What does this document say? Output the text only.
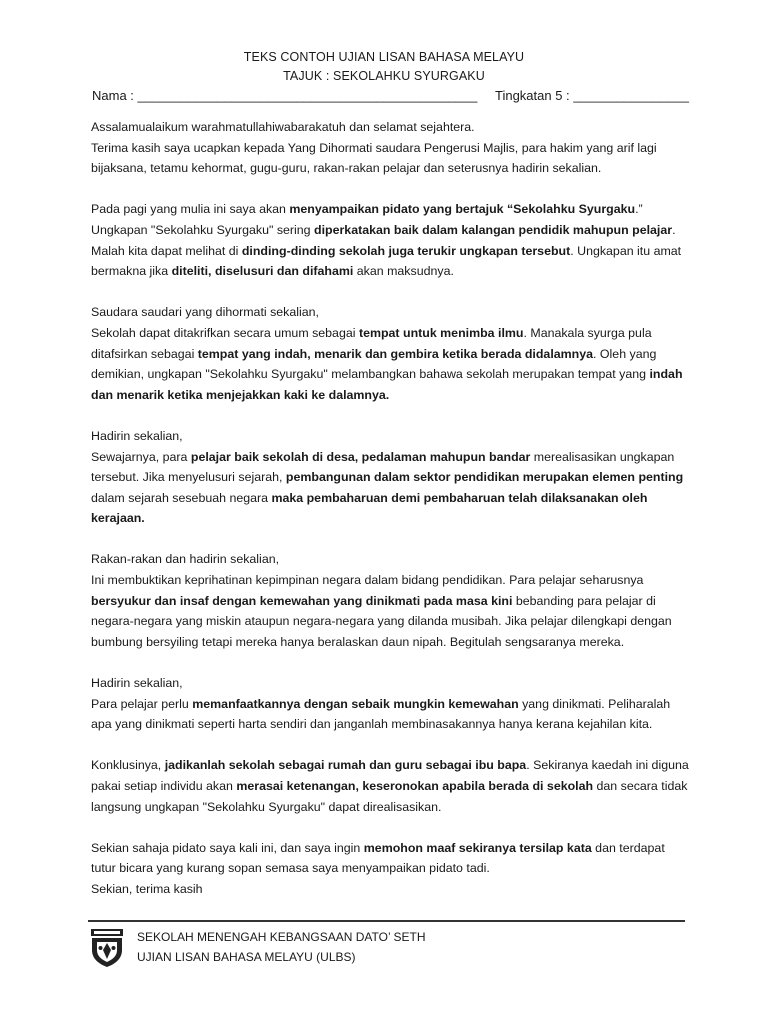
TEKS CONTOH UJIAN LISAN BAHASA MELAYU
TAJUK : SEKOLAHKU SYURGAKU
Nama : _______________________________________________ Tingkatan 5 : ________________

Assalamualaikum warahmatullahiwabarakatuh dan selamat sejahtera.
Terima kasih saya ucapkan kepada Yang Dihormati saudara Pengerusi Majlis, para hakim yang arif lagi bijaksana, tetamu kehormat, gugu-guru, rakan-rakan pelajar dan seterusnya hadirin sekalian.

Pada pagi yang mulia ini saya akan menyampaikan pidato yang bertajuk “Sekolahku Syurgaku.”
Ungkapan "Sekolahku Syurgaku" sering diperkatakan baik dalam kalangan pendidik mahupun pelajar.
Malah kita dapat melihat di dinding-dinding sekolah juga terukir ungkapan tersebut. Ungkapan itu amat bermakna jika diteliti, diselusuri dan difahami akan maksudnya.

Saudara saudari yang dihormati sekalian,
Sekolah dapat ditakrifkan secara umum sebagai tempat untuk menimba ilmu. Manakala syurga pula ditafsirkan sebagai tempat yang indah, menarik dan gembira ketika berada didalamnya. Oleh yang demikian, ungkapan "Sekolahku Syurgaku" melambangkan bahawa sekolah merupakan tempat yang indah dan menarik ketika menjejakkan kaki ke dalamnya.

Hadirin sekalian,
Sewajarnya, para pelajar baik sekolah di desa, pedalaman mahupun bandar merealisasikan ungkapan tersebut. Jika menyelusuri sejarah, pembangunan dalam sektor pendidikan merupakan elemen penting dalam sejarah sesebuah negara maka pembaharuan demi pembaharuan telah dilaksanakan oleh kerajaan.

Rakan-rakan dan hadirin sekalian,
Ini membuktikan keprihatinan kepimpinan negara dalam bidang pendidikan. Para pelajar seharusnya bersyukur dan insaf dengan kemewahan yang dinikmati pada masa kini bebanding para pelajar di negara-negara yang miskin ataupun negara-negara yang dilanda musibah. Jika pelajar dilengkapi dengan bumbung bersyiling tetapi mereka hanya beralaskan daun nipah. Begitulah sengsaranya mereka.

Hadirin sekalian,
Para pelajar perlu memanfaatkannya dengan sebaik mungkin kemewahan yang dinikmati. Peliharalah apa yang dinikmati seperti harta sendiri dan janganlah membinasakannya hanya kerana kejahilan kita.

Konklusinya, jadikanlah sekolah sebagai rumah dan guru sebagai ibu bapa. Sekiranya kaedah ini diguna pakai setiap individu akan merasai ketenangan, keseronokan apabila berada di sekolah dan secara tidak langsung ungkapan "Sekolahku Syurgaku" dapat direalisasikan.

Sekian sahaja pidato saya kali ini, dan saya ingin memohon maaf sekiranya tersilap kata dan terdapat tutur bicara yang kurang sopan semasa saya menyampaikan pidato tadi.
Sekian, terima kasih

SEKOLAH MENENGAH KEBANGSAAN DATO’ SETH
UJIAN LISAN BAHASA MELAYU (ULBS)
